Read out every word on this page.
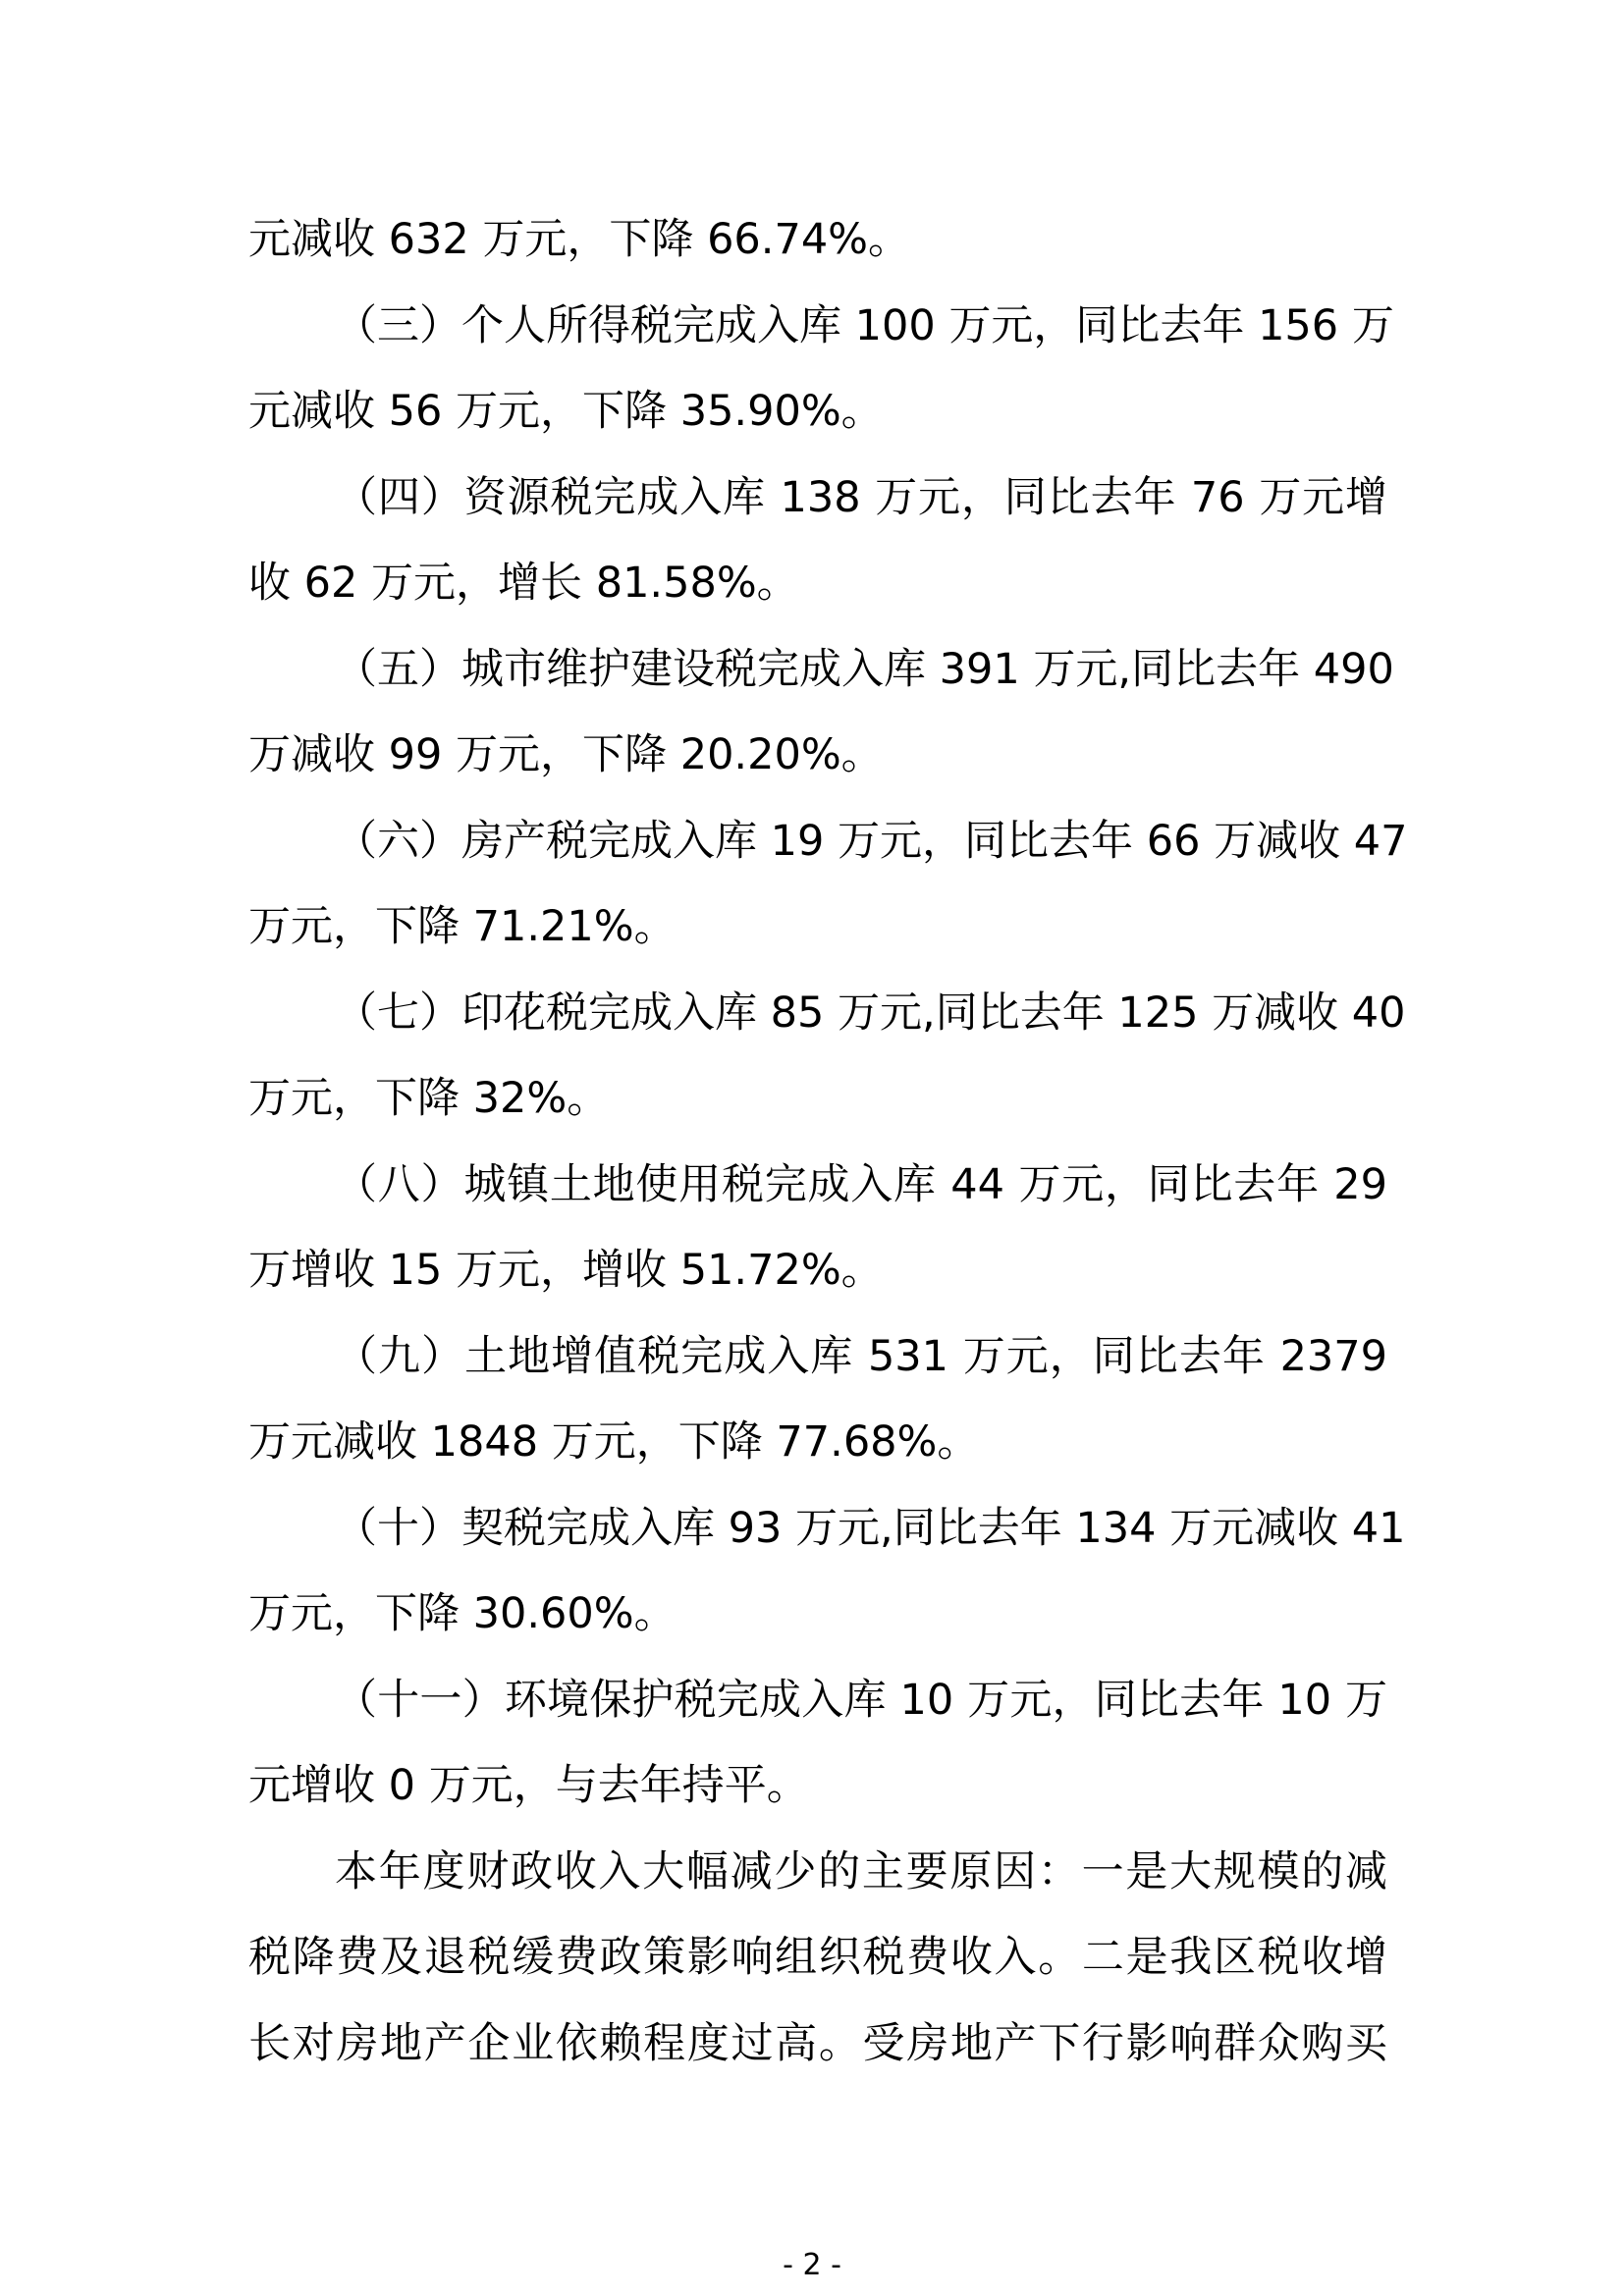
元减收 632 万元，下降 66.74%。
（三）个人所得税完成入库 100 万元，同比去年 156 万
元减收 56 万元，下降 35.90%。
（四）资源税完成入库 138 万元，同比去年 76 万元增
收 62 万元，增长 81.58%。
（五）城市维护建设税完成入库 391 万元,同比去年 490
万减收 99 万元，下降 20.20%。
（六）房产税完成入库 19 万元，同比去年 66 万减收 47
万元，下降 71.21%。
（七）印花税完成入库 85 万元,同比去年 125 万减收 40
万元，下降 32%。
（八）城镇土地使用税完成入库 44 万元，同比去年 29
万增收 15 万元，增收 51.72%。
（九）土地增值税完成入库 531 万元，同比去年 2379
万元减收 1848 万元，下降 77.68%。
（十）契税完成入库 93 万元,同比去年 134 万元减收 41
万元，下降 30.60%。
（十一）环境保护税完成入库 10 万元，同比去年 10 万
元增收 0 万元，与去年持平。
本年度财政收入大幅减少的主要原因：一是大规模的减
税降费及退税缓费政策影响组织税费收入。二是我区税收增
长对房地产企业依赖程度过高。受房地产下行影响群众购买
- 2 -
